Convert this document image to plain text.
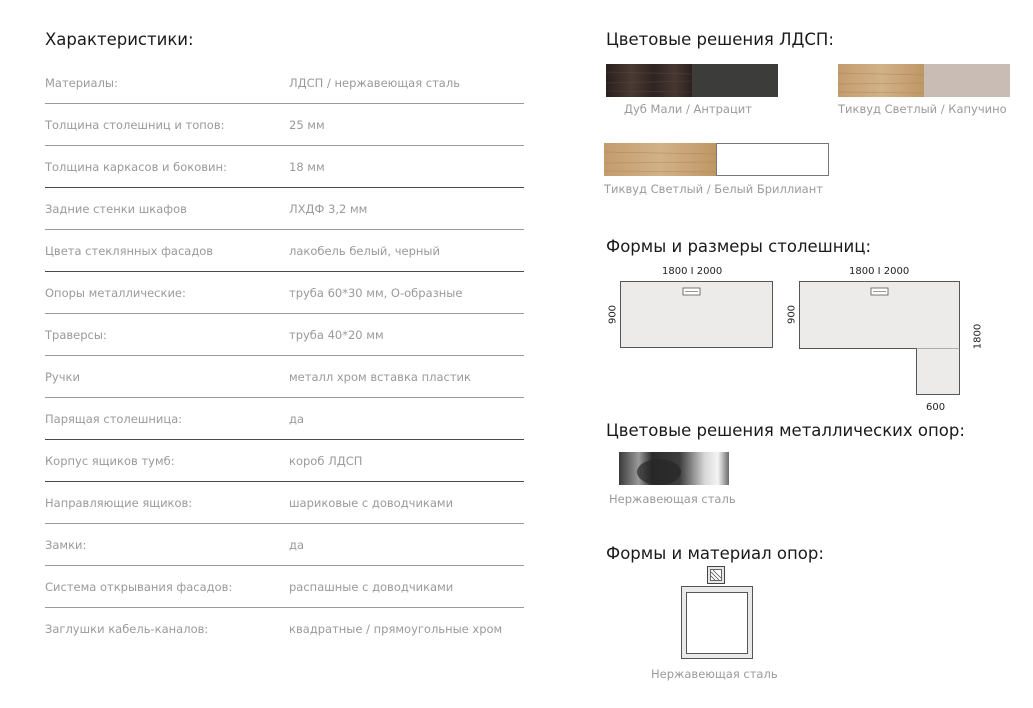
Характеристики:
Материалы:	ЛДСП / нержавеющая сталь
Толщина столешниц и топов:	25 мм
Толщина каркасов и боковин:	18 мм
Задние стенки шкафов	ЛХДФ 3,2 мм
Цвета стеклянных фасадов	лакобель белый, черный
Опоры металлические:	труба 60*30 мм, О-образные
Траверсы:	труба 40*20 мм
Ручки	металл хром вставка пластик
Парящая столешница:	да
Корпус ящиков тумб:	короб ЛДСП
Направляющие ящиков:	шариковые с доводчиками
Замки:	да
Система открывания фасадов:	распашные с доводчиками
Заглушки кабель-каналов:	квадратные / прямоугольные хром
Цветовые решения ЛДСП:
Дуб Мали / Антрацит	Тиквуд Светлый / Капучино
Тиквуд Светлый / Белый Бриллиант
Формы и размеры столешниц:
1800 I 2000
900
1800 I 2000
900
1800
600
Цветовые решения металлических опор:
Нержавеющая сталь
Формы и материал опор:
Нержавеющая сталь
